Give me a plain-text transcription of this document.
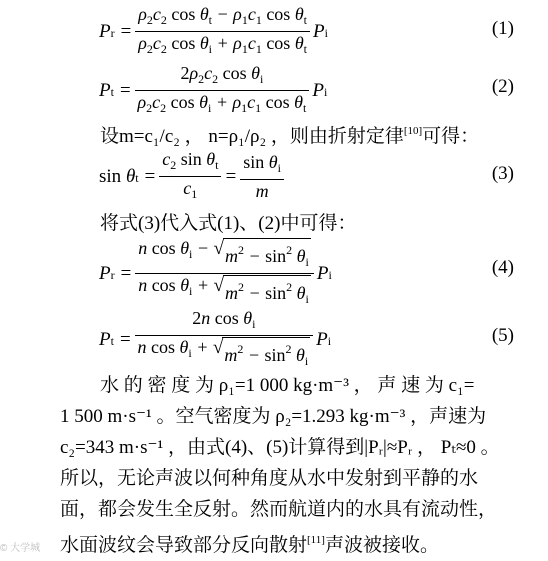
P $r = \frac{\rho_2c_2 \cos \theta_t - \rho_1c_1 \cos \theta_t}{\rho_2c_2 \cos \theta_i + \rho_1c_1 \cos \theta_t}$ P i	(1)
P $t = \frac{2\rho_2c_2 \cos \theta_i}{\rho_2c_2 \cos \theta_i + \rho_1c_1 \cos \theta_t}$ P i	(2)
设m=c₁/c₂ ， n=ρ₁/ρ₂ ，则由折射定律[10]可得：
sin θ $t = \frac{c_2 \sin \theta_t}{c_1} = \frac{\sin \theta_i}{m}$	(3)
将式(3)代入式(1)、(2)中可得：
P $r = \frac{n \cos \theta_i - √ m^2 - \sin^2 \theta_i}{n \cos \theta_i + √ m^2 - \sin^2 \theta_i}$ P i	(4)
P $t = \frac{2n \cos \theta_i}{n \cos \theta_i + √ m^2 - \sin^2 \theta_i}$ P i	(5)
水 的 密 度 为 ρ₁=1 000 kg·m⁻³ ， 声 速 为 c₁=
1 500 m·s⁻¹ 。空气密度为 ρ₂=1.293 kg·m⁻³ ，声速为
c₂=343 m·s⁻¹ ，由式(4)、(5)计算得到|Pᵣ|≈Pᵣ ， Pₜ≈0 。
所以，无论声波以何种角度从水中发射到平静的水
面，都会发生全反射。然而航道内的水具有流动性，
水面波纹会导致部分反向散射[11]声波被接收。
© 大学城
